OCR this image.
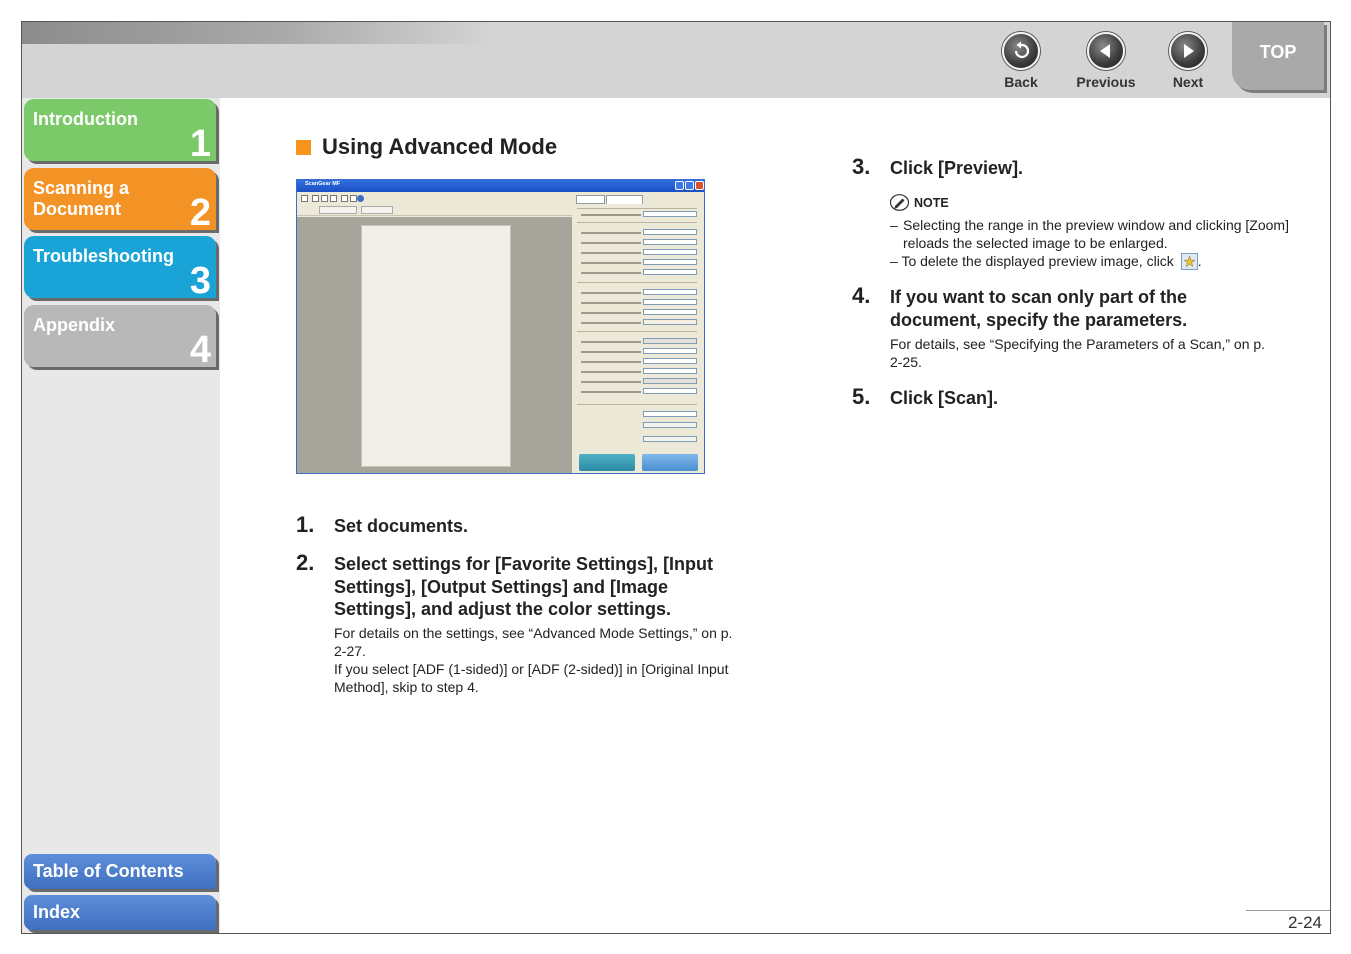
Back	Previous	Next
TOP
Introduction
1
Scanning a
Document 2
Troubleshooting
3
Appendix
4
Table of Contents
Index
Using Advanced Mode
ScanGear MF
1. Set documents.
2. Select settings for [Favorite Settings], [Input Settings], [Output Settings] and [Image Settings], and adjust the color settings.
For details on the settings, see “Advanced Mode Settings,” on p. 2-27.
If you select [ADF (1-sided)] or [ADF (2-sided)] in [Original Input Method], skip to step 4.
3. Click [Preview].
NOTE
– Selecting the range in the preview window and clicking [Zoom] reloads the selected image to be enlarged.
– To delete the displayed preview image, click .
4. If you want to scan only part of the document, specify the parameters.
For details, see “Specifying the Parameters of a Scan,” on p. 2-25.
5. Click [Scan].
2-24
